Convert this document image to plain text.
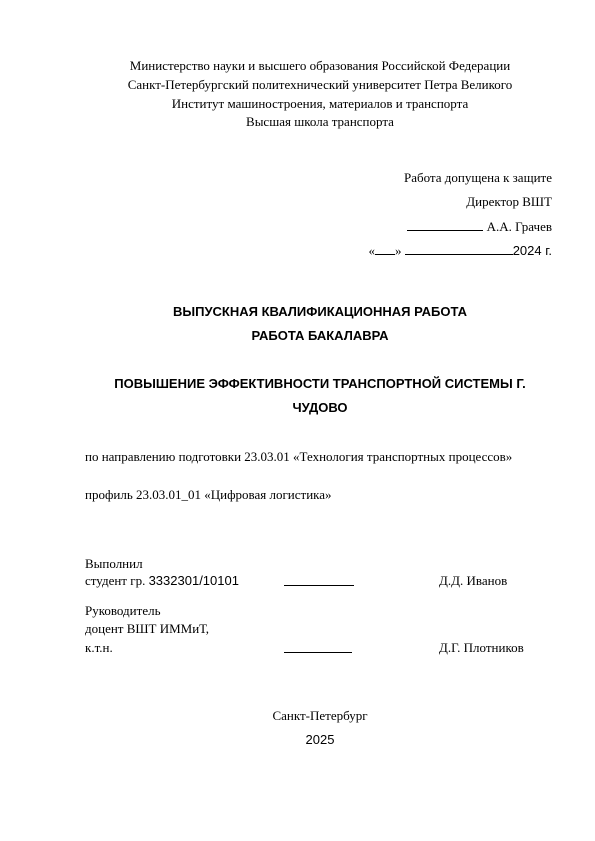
Министерство науки и высшего образования Российской Федерации
Санкт-Петербургский политехнический университет Петра Великого
Институт машиностроения, материалов и транспорта
Высшая школа транспорта
Работа допущена к защите
Директор ВШТ
А.А. Грачев
« »	2024 г.
ВЫПУСКНАЯ КВАЛИФИКАЦИОННАЯ РАБОТА
РАБОТА БАКАЛАВРА
ПОВЫШЕНИЕ ЭФФЕКТИВНОСТИ ТРАНСПОРТНОЙ СИСТЕМЫ Г.
ЧУДОВО
по направлению подготовки 23.03.01 «Технология транспортных процессов»
профиль 23.03.01_01 «Цифровая логистика»
Выполнил
студент гр. 3332301/10101	Д.Д. Иванов
Руководитель
доцент ВШТ ИММиТ,
к.т.н.	Д.Г. Плотников
Санкт-Петербург
2025
